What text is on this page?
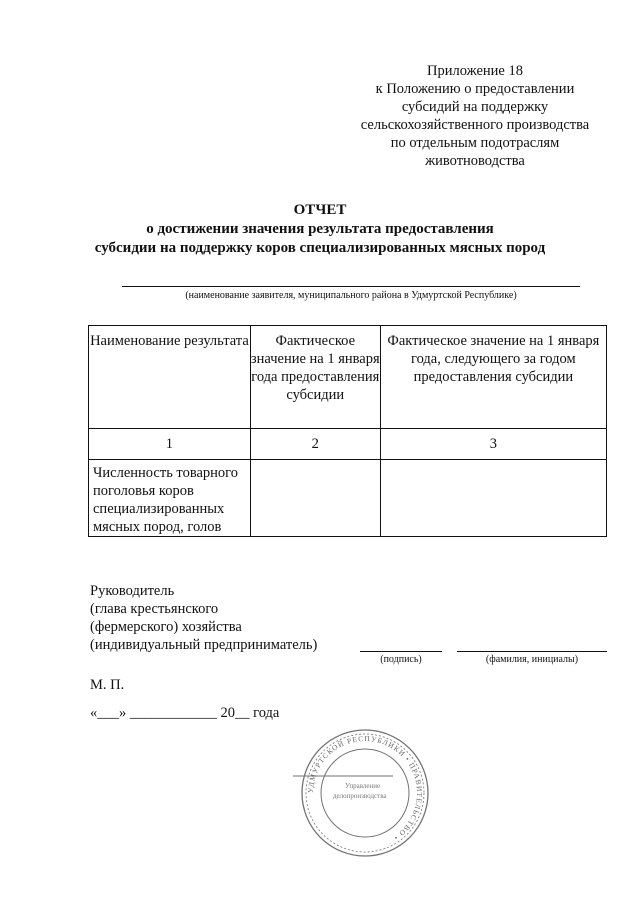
Приложение 18
к Положению о предоставлении
субсидий на поддержку
сельскохозяйственного производства
по отдельным подотраслям
животноводства
ОТЧЕТ
о достижении значения результата предоставления
субсидии на поддержку коров специализированных мясных пород
(наименование заявителя, муниципального района в Удмуртской Республике)
Наименование результата	Фактическое значение на 1 января года предоставления субсидии	Фактическое значение на 1 января года, следующего за годом предоставления субсидии
1	2	3
Численность товарного поголовья коров специализированных мясных пород, голов		
Руководитель
(глава крестьянского
(фермерского) хозяйства
(индивидуальный предприниматель)
(подпись)	(фамилия, инициалы)
М. П.
«___» ____________ 20__ года
УДМУРТСКОЙ РЕСПУБЛИКИ • ПРАВИТЕЛЬСТВО •
Управление
делопроизводства
